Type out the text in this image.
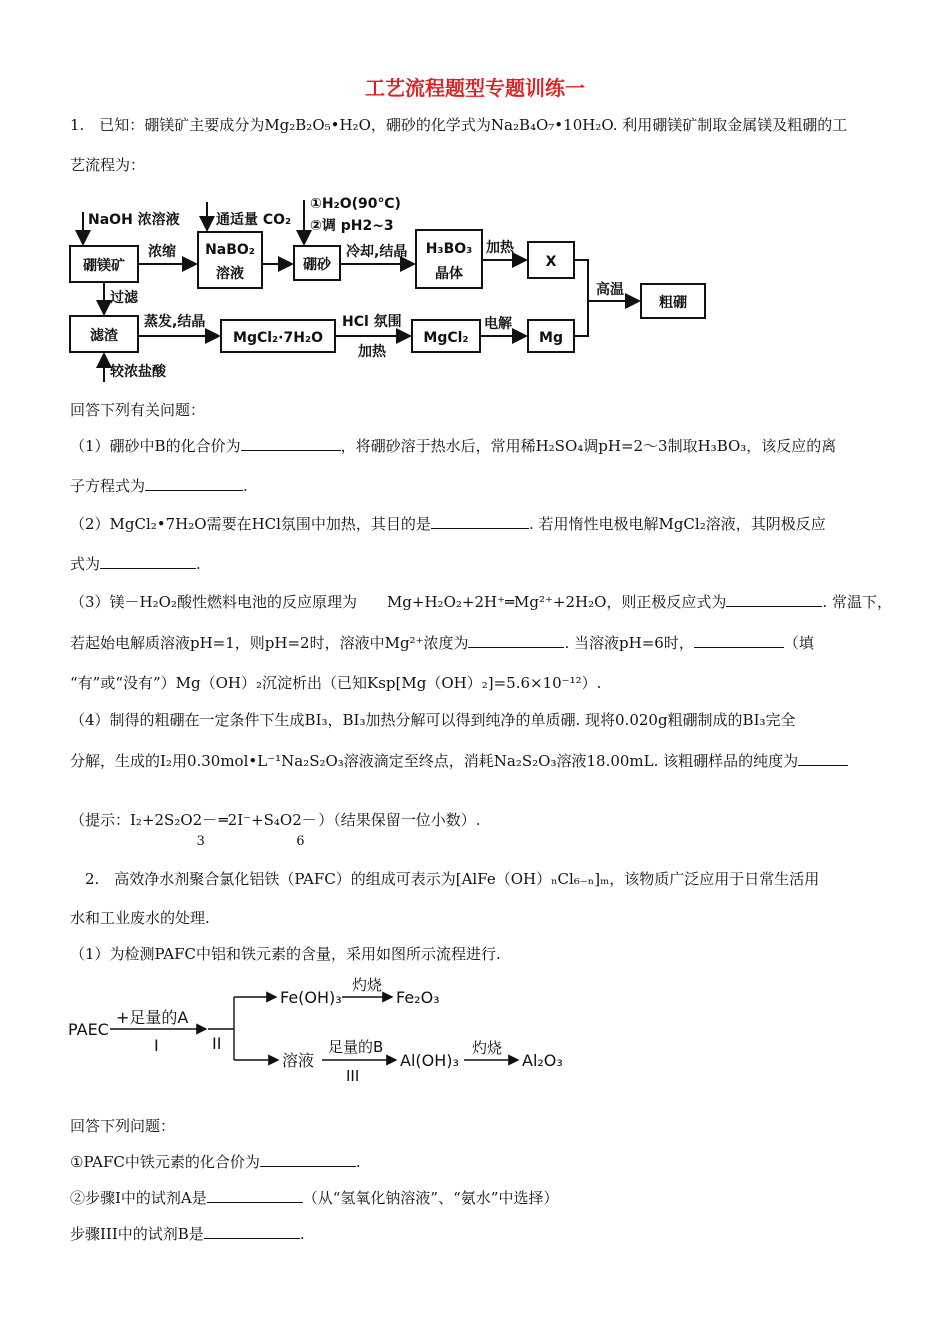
工艺流程题型专题训练一
1.　已知：硼镁矿主要成分为Mg₂B₂O₅•H₂O，硼砂的化学式为Na₂B₄O₇•10H₂O. 利用硼镁矿制取金属镁及粗硼的工
艺流程为：
NaOH 浓溶液	通适量 CO₂
①H₂O(90℃)
②调 pH2~3
硼镁矿
浓缩 NaBO₂
溶液
硼砂
冷却,结晶 H₃BO₃
晶体
加热
X
高温
粗硼
过滤
滤渣
较浓盐酸
蒸发,结晶
MgCl₂·7H₂O
HCl 氛围
加热
MgCl₂
电解
Mg
回答下列有关问题：
（1）硼砂中B的化合价为	，将硼砂溶于热水后，常用稀H₂SO₄调pH=2～3制取H₃BO₃，该反应的离
子方程式为	.
（2）MgCl₂•7H₂O需要在HCl氛围中加热，其目的是	. 若用惰性电极电解MgCl₂溶液，其阴极反应
式为	.
（3）镁－H₂O₂酸性燃料电池的反应原理为　　Mg+H₂O₂+2H⁺═Mg²⁺+2H₂O，则正极反应式为	. 常温下，
若起始电解质溶液pH=1，则pH=2时，溶液中Mg²⁺浓度为	. 当溶液pH=6时，	（填
“有”或“没有”）Mg（OH）₂沉淀析出（已知Ksp[Mg（OH）₂]=5.6×10⁻¹²）.
（4）制得的粗硼在一定条件下生成BI₃，BI₃加热分解可以得到纯净的单质硼. 现将0.020g粗硼制成的BI₃完全
分解，生成的I₂用0.30mol•L⁻¹Na₂S₂O₃溶液滴定至终点，消耗Na₂S₂O₃溶液18.00mL. 该粗硼样品的纯度为
（提示：I₂+2S₂O2－
3
═2I⁻+S₄O2－
6
）（结果保留一位小数）.
2.　高效净水剂聚合氯化铝铁（PAFC）的组成可表示为[AlFe（OH）ₙCl₆₋ₙ]ₘ，该物质广泛应用于日常生活用
水和工业废水的处理.
（1）为检测PAFC中铝和铁元素的含量，采用如图所示流程进行.
PAEC
+足量的A
I	II
Fe(OH)₃
灼烧
Fe₂O₃
溶液
足量的B
III
Al(OH)₃
灼烧
Al₂O₃
回答下列问题：
①PAFC中铁元素的化合价为	.
②步骤I中的试剂A是	（从“氢氧化钠溶液”、“氨水”中选择）
步骤III中的试剂B是	.
